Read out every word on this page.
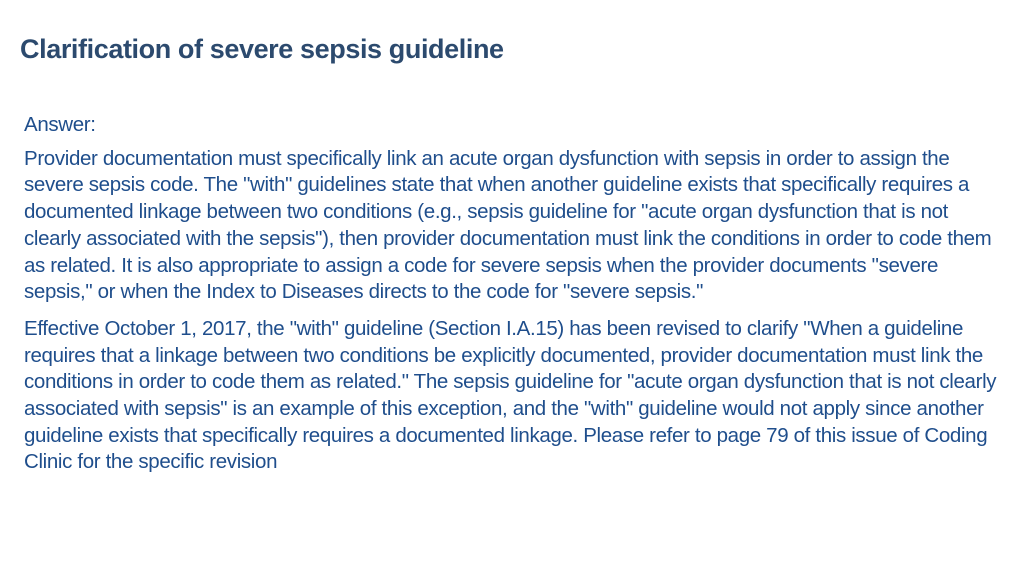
Clarification of severe sepsis guideline
Answer:
Provider documentation must specifically link an acute organ dysfunction with sepsis in order to assign the severe sepsis code. The "with" guidelines state that when another guideline exists that specifically requires a documented linkage between two conditions (e.g., sepsis guideline for "acute organ dysfunction that is not clearly associated with the sepsis"), then provider documentation must link the conditions in order to code them as related. It is also appropriate to assign a code for severe sepsis when the provider documents "severe sepsis," or when the Index to Diseases directs to the code for "severe sepsis."
Effective October 1, 2017, the "with" guideline (Section I.A.15) has been revised to clarify "When a guideline requires that a linkage between two conditions be explicitly documented, provider documentation must link the conditions in order to code them as related." The sepsis guideline for "acute organ dysfunction that is not clearly associated with sepsis" is an example of this exception, and the "with" guideline would not apply since another guideline exists that specifically requires a documented linkage. Please refer to page 79 of this issue of Coding Clinic for the specific revision
